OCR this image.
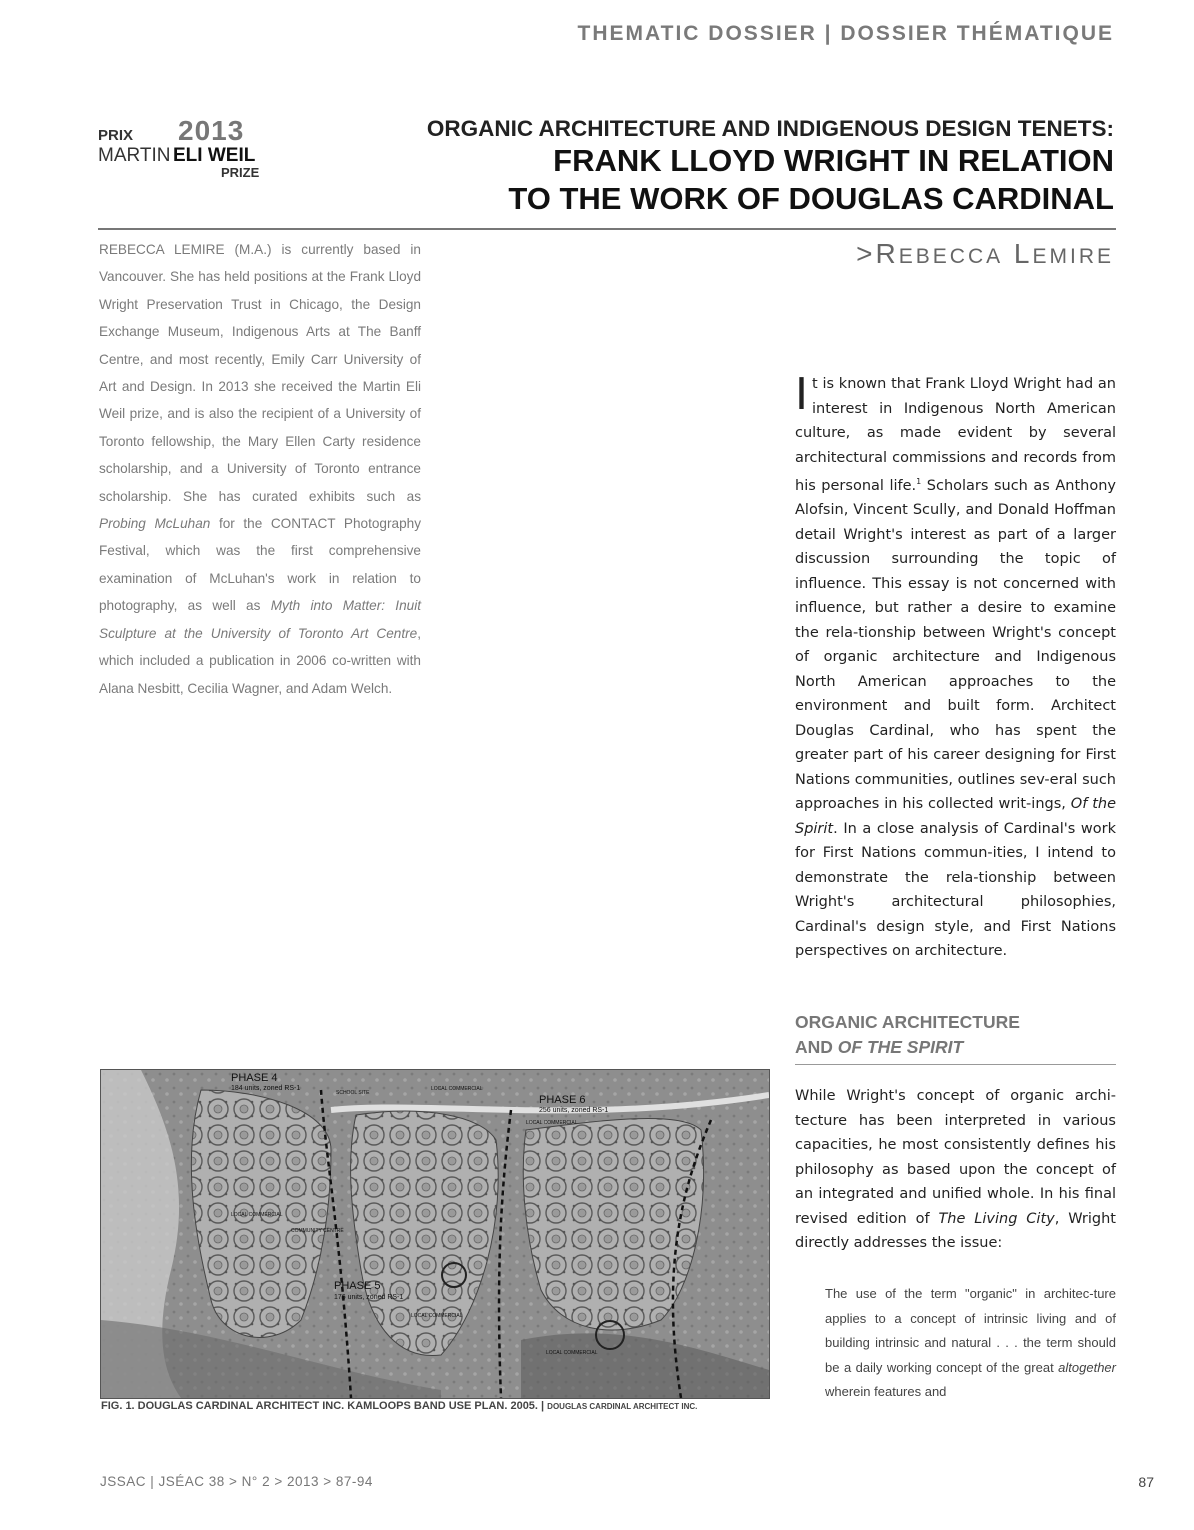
THEMATIC DOSSIER | DOSSIER THÉMATIQUE
PRIX 2013
MARTIN ELI WEIL
PRIZE
ORGANIC ARCHITECTURE AND INDIGENOUS DESIGN TENETS:
FRANK LLOYD WRIGHT IN RELATION
TO THE WORK OF DOUGLAS CARDINAL
>REBECCA LEMIRE
REBECCA LEMIRE (M.A.) is currently based in Vancouver. She has held positions at the Frank Lloyd Wright Preservation Trust in Chicago, the Design Exchange Museum, Indigenous Arts at The Banff Centre, and most recently, Emily Carr University of Art and Design. In 2013 she received the Martin Eli Weil prize, and is also the recipient of a University of Toronto fellowship, the Mary Ellen Carty residence scholarship, and a University of Toronto entrance scholarship. She has curated exhibits such as Probing McLuhan for the CONTACT Photography Festival, which was the first comprehensive examination of McLuhan's work in relation to photography, as well as Myth into Matter: Inuit Sculpture at the University of Toronto Art Centre, which included a publication in 2006 co-written with Alana Nesbitt, Cecilia Wagner, and Adam Welch.
It is known that Frank Lloyd Wright had an interest in Indigenous North American culture, as made evident by several architectural commissions and records from his personal life.$^1$ Scholars such as Anthony Alofsin, Vincent Scully, and Donald Hoffman detail Wright's interest as part of a larger discussion surrounding the topic of influence. This essay is not concerned with influence, but rather a desire to examine the rela-tionship between Wright's concept of organic architecture and Indigenous North American approaches to the environment and built form. Architect Douglas Cardinal, who has spent the greater part of his career designing for First Nations communities, outlines sev-eral such approaches in his collected writ-ings, Of the Spirit. In a close analysis of Cardinal's work for First Nations commun-ities, I intend to demonstrate the rela-tionship between Wright's architectural philosophies, Cardinal's design style, and First Nations perspectives on architecture.
ORGANIC ARCHITECTURE
AND OF THE SPIRIT
While Wright's concept of organic archi-tecture has been interpreted in various capacities, he most consistently defines his philosophy as based upon the concept of an integrated and unified whole. In his final revised edition of The Living City, Wright directly addresses the issue:
The use of the term "organic" in architec-ture applies to a concept of intrinsic living and of building intrinsic and natural . . . the term should be a daily working concept of the great altogether wherein features and
PHASE 4
184 units, zoned RS-1
SCHOOL SITE
LOCAL COMMERCIAL
PHASE 6
256 units, zoned RS-1
LOCAL COMMERCIAL
LOCAL COMMERCIAL
COMMUNITY CENTRE
PHASE 5
176 units, zoned RS-1
LOCAL COMMERCIAL
LOCAL COMMERCIAL
FIG. 1. DOUGLAS CARDINAL ARCHITECT INC. KAMLOOPS BAND USE PLAN. 2005. | DOUGLAS CARDINAL ARCHITECT INC.
JSSAC | JSÉAC 38 > N° 2 > 2013 > 87-94	87
